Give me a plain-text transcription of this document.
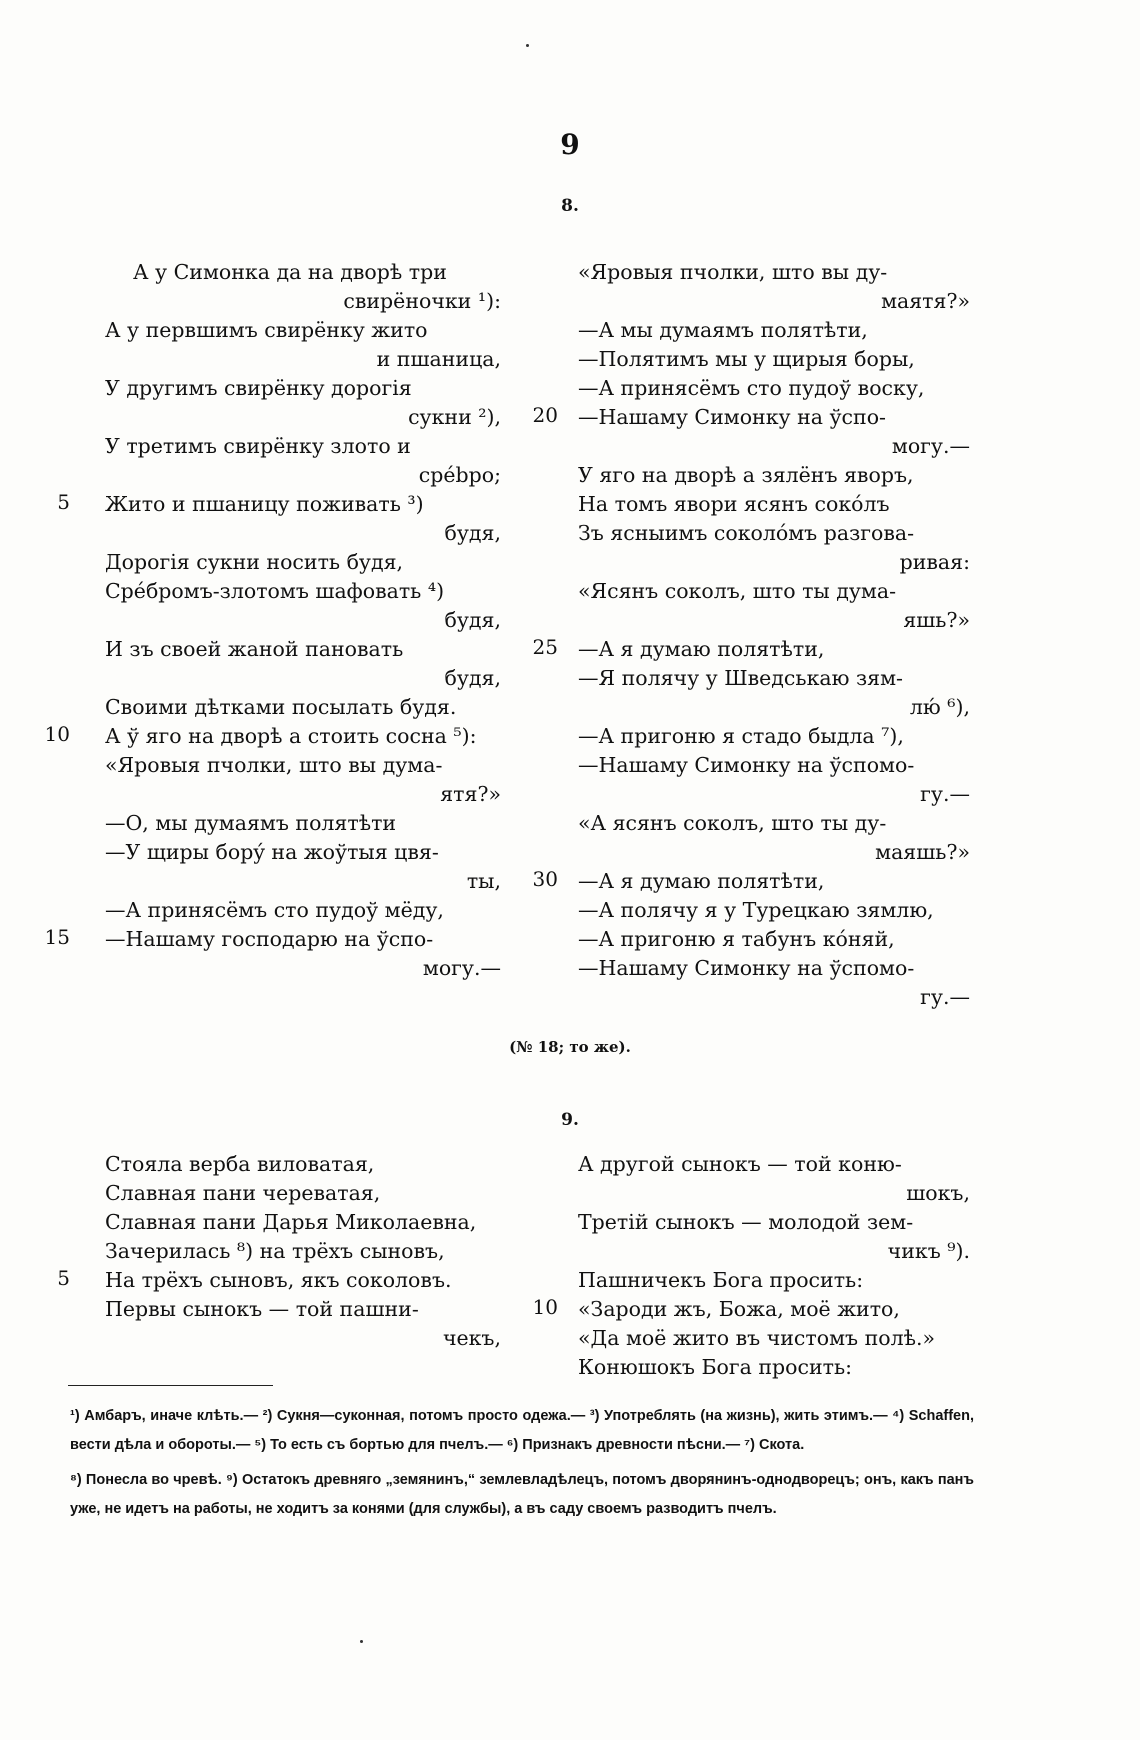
9
8.
А у Симонка да на дворѣ три
свирёночки ¹):
А у первшимъ свирёнку жито
и пшаница,
У другимъ свирёнку дорогія
сукни ²),
У третимъ свирёнку злото и
срébро;
Жито и пшаницу поживать ³)
будя,
Дорогія сукни носить будя,
Срéбромъ-злотомъ шафовать ⁴)
будя,
И зъ своей жаной пановать
будя,
Своими дѣтками посылать будя.
А ў яго на дворѣ а стоить сосна ⁵):
«Яровыя пчолки, што вы дума-
ятя?»
—О, мы думаямъ полятѣти
—У щиры борý на жоўтыя цвя-
ты,
—А принясёмъ сто пудоў мёду,
—Нашаму господарю на ўспо-
могу.—
5
10
15
«Яровыя пчолки, што вы ду-
маятя?»
—А мы думаямъ полятѣти,
—Полятимъ мы у щирыя боры,
—А принясёмъ сто пудоў воску,
—Нашаму Симонку на ўспо-
могу.—
У яго на дворѣ а зялёнъ яворъ,
На томъ явори ясянъ сокóлъ
Зъ ясныимъ соколóмъ разгова-
ривая:
«Ясянъ соколъ, што ты дума-
яшь?»
—А я думаю полятѣти,
—Я полячу у Шведськаю зям-
лю́ ⁶),
—А пригоню я стадо быдла ⁷),
—Нашаму Симонку на ўспомо-
гу.—
«А ясянъ соколъ, што ты ду-
маяшь?»
—А я думаю полятѣти,
—А полячу я у Турецкаю зямлю,
—А пригоню я табунъ кóняй,
—Нашаму Симонку на ўспомо-
гу.—
20
25
30
(№ 18; то же).
9.
Стояла верба виловатая,
Славная пани череватая,
Славная пани Дарья Миколаевна,
Зачерилась ⁸) на трёхъ сыновъ,
На трёхъ сыновъ, якъ соколовъ.
Первы сынокъ — той пашни-
чекъ,
5
А другой сынокъ — той коню-
шокъ,
Третій сынокъ — молодой зем-
чикъ ⁹).
Пашничекъ Бога просить:
«Зароди жъ, Божа, моё жито,
«Да моё жито въ чистомъ полѣ.»
Конюшокъ Бога просить:
10

¹) Амбаръ, иначе клѣть.— ²) Сукня—суконная, потомъ просто одежа.— ³) Употреблять (на жизнь), жить этимъ.— ⁴) Schaffen, вести дѣла и обороты.— ⁵) То есть съ бортью для пчелъ.— ⁶) Признакъ древности пѣсни.— ⁷) Скота.

⁸) Понесла во чревѣ. ⁹) Остатокъ древняго „земянинъ,“ землевладѣлецъ, потомъ дворянинъ-однодворецъ; онъ, какъ панъ уже, не идетъ на работы, не ходитъ за конями (для службы), а въ саду своемъ разводитъ пчелъ.
